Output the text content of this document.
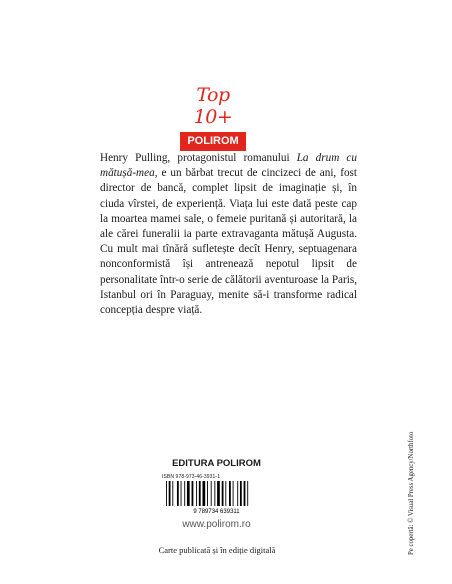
Top 10+
POLIROM

Henry Pulling, protagonistul romanului La drum cu mătușă-mea, e un bărbat trecut de cincizeci de ani, fost director de bancă, complet lipsit de imaginație și, în ciuda vîrstei, de experiență. Viața lui este dată peste cap la moartea mamei sale, o femeie puritană și autoritară, la ale cărei funeralii ia parte extravaganta mătușă Augusta. Cu mult mai tînără sufletește decît Henry, septuagenara nonconformistă își antrenează nepotul lipsit de personalitate într-o serie de călătorii aventuroase la Paris, Istanbul ori în Paraguay, menite să-i transforme radical concepția despre viață.

EDITURA POLIROM
ISBN 978-973-46-3931-1
9 789734 639311
www.polirom.ro
Carte publicată și în ediție digitală	Pe copertă: © Visual Press Agency/Northfoto
